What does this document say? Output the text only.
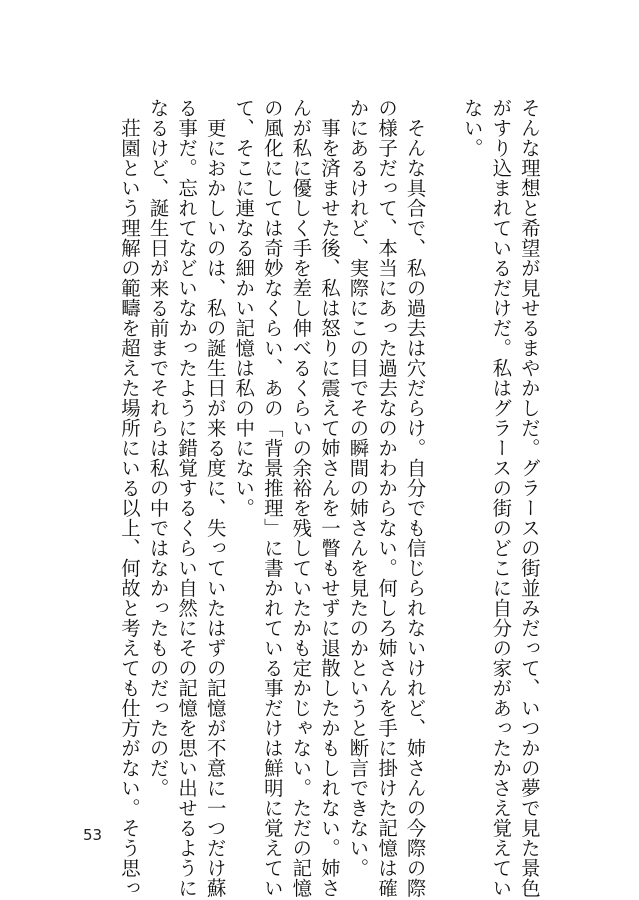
そんな理想と希望が見せるまやかしだ。グラースの街並みだって、いつかの夢で見た景色
がすり込まれているだけだ。私はグラースの街のどこに自分の家があったかさえ覚えてい
ない。
　そんな具合で、私の過去は穴だらけ。自分でも信じられないけれど、姉さんの今際の際
の様子だって、本当にあった過去なのかわからない。何しろ姉さんを手に掛けた記憶は確
かにあるけれど、実際にこの目でその瞬間の姉さんを見たのかというと断言できない。
　事を済ませた後、私は怒りに震えて姉さんを一瞥もせずに退散したかもしれない。姉さ
んが私に優しく手を差し伸べるくらいの余裕を残していたかも定かじゃない。ただの記憶
の風化にしては奇妙なくらい、あの「背景推理」に書かれている事だけは鮮明に覚えてい
て、そこに連なる細かい記憶は私の中にない。
　更におかしいのは、私の誕生日が来る度に、失っていたはずの記憶が不意に一つだけ蘇
る事だ。忘れてなどいなかったように錯覚するくらい自然にその記憶を思い出せるように
なるけど、誕生日が来る前までそれらは私の中ではなかったものだったのだ。
　荘園という理解の範疇を超えた場所にいる以上、何故と考えても仕方がない。そう思っ
53
